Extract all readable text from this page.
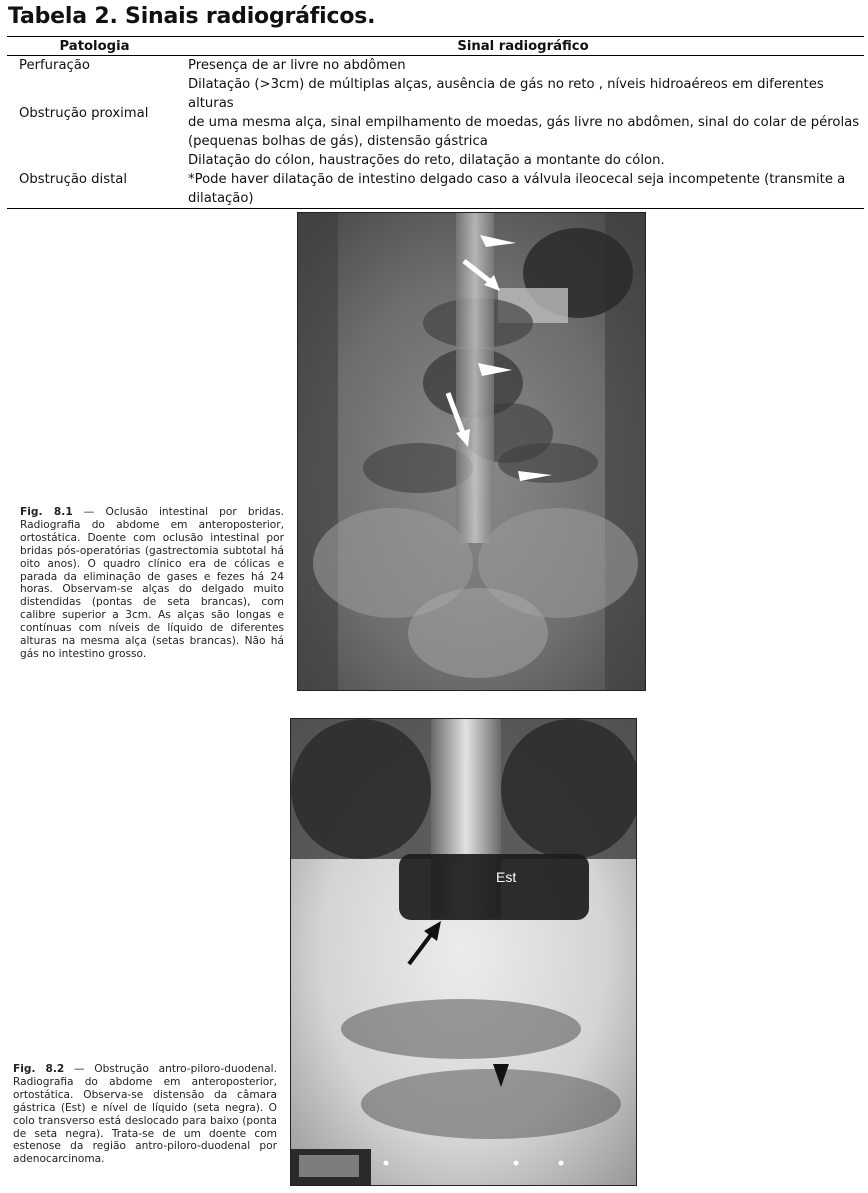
Tabela 2. Sinais radiográficos.
Patologia	Sinal radiográfico
Perfuração	Presença de ar livre no abdômen

Obstrução proximal	Dilatação (>3cm) de múltiplas alças, ausência de gás no reto , níveis hidroaéreos em diferentes alturas
de uma mesma alça, sinal empilhamento de moedas, gás livre no abdômen, sinal do colar de pérolas
(pequenas bolhas de gás), distensão gástrica

Obstrução distal	Dilatação do cólon, haustrações do reto, dilatação a montante do cólon.
*Pode haver dilatação de intestino delgado caso a válvula ileocecal seja incompetente (transmite a
dilatação)

Fig. 8.1 — Oclusão intestinal por bridas. Radiografia do abdome em anteroposterior, ortostática. Doente com oclusão intestinal por bridas pós-operatórias (gastrectomia subtotal há oito anos). O quadro clínico era de cólicas e parada da eliminação de gases e fezes há 24 horas. Observam-se alças do delgado muito distendidas (pontas de seta brancas), com calibre superior a 3cm. As alças são longas e contínuas com níveis de líquido de diferentes alturas na mesma alça (setas brancas). Não há gás no intestino grosso.

Est

Fig. 8.2 — Obstrução antro-piloro-duodenal. Radiografia do abdome em anteroposterior, ortostática. Observa-se distensão da câmara gástrica (Est) e nível de líquido (seta negra). O colo transverso está deslocado para baixo (ponta de seta negra). Trata-se de um doente com estenose da região antro-piloro-duodenal por adenocarcinoma.
